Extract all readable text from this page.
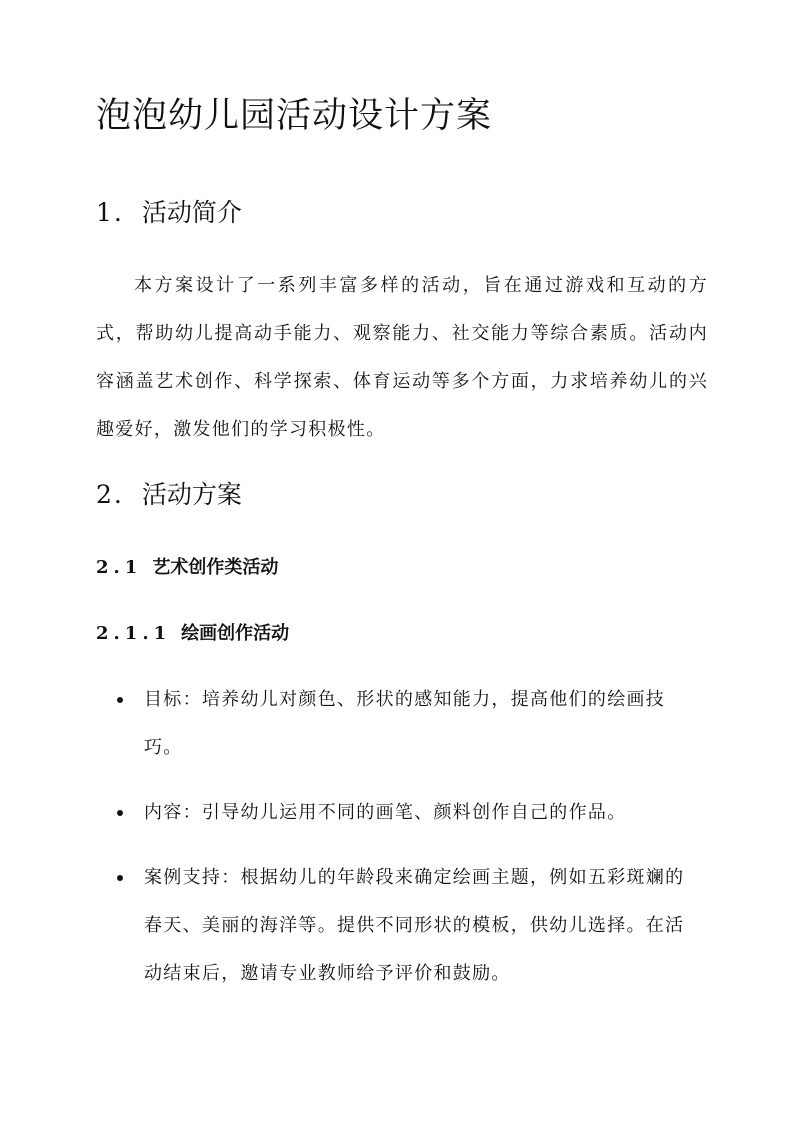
泡泡幼儿园活动设计方案
1. 活动简介

本方案设计了一系列丰富多样的活动，旨在通过游戏和互动的方式，帮助幼儿提高动手能力、观察能力、社交能力等综合素质。活动内容涵盖艺术创作、科学探索、体育运动等多个方面，力求培养幼儿的兴趣爱好，激发他们的学习积极性。

2. 活动方案
2.1 艺术创作类活动
2.1.1 绘画创作活动
目标：培养幼儿对颜色、形状的感知能力，提高他们的绘画技巧。
内容：引导幼儿运用不同的画笔、颜料创作自己的作品。
案例支持：根据幼儿的年龄段来确定绘画主题，例如五彩斑斓的春天、美丽的海洋等。提供不同形状的模板，供幼儿选择。在活动结束后，邀请专业教师给予评价和鼓励。
